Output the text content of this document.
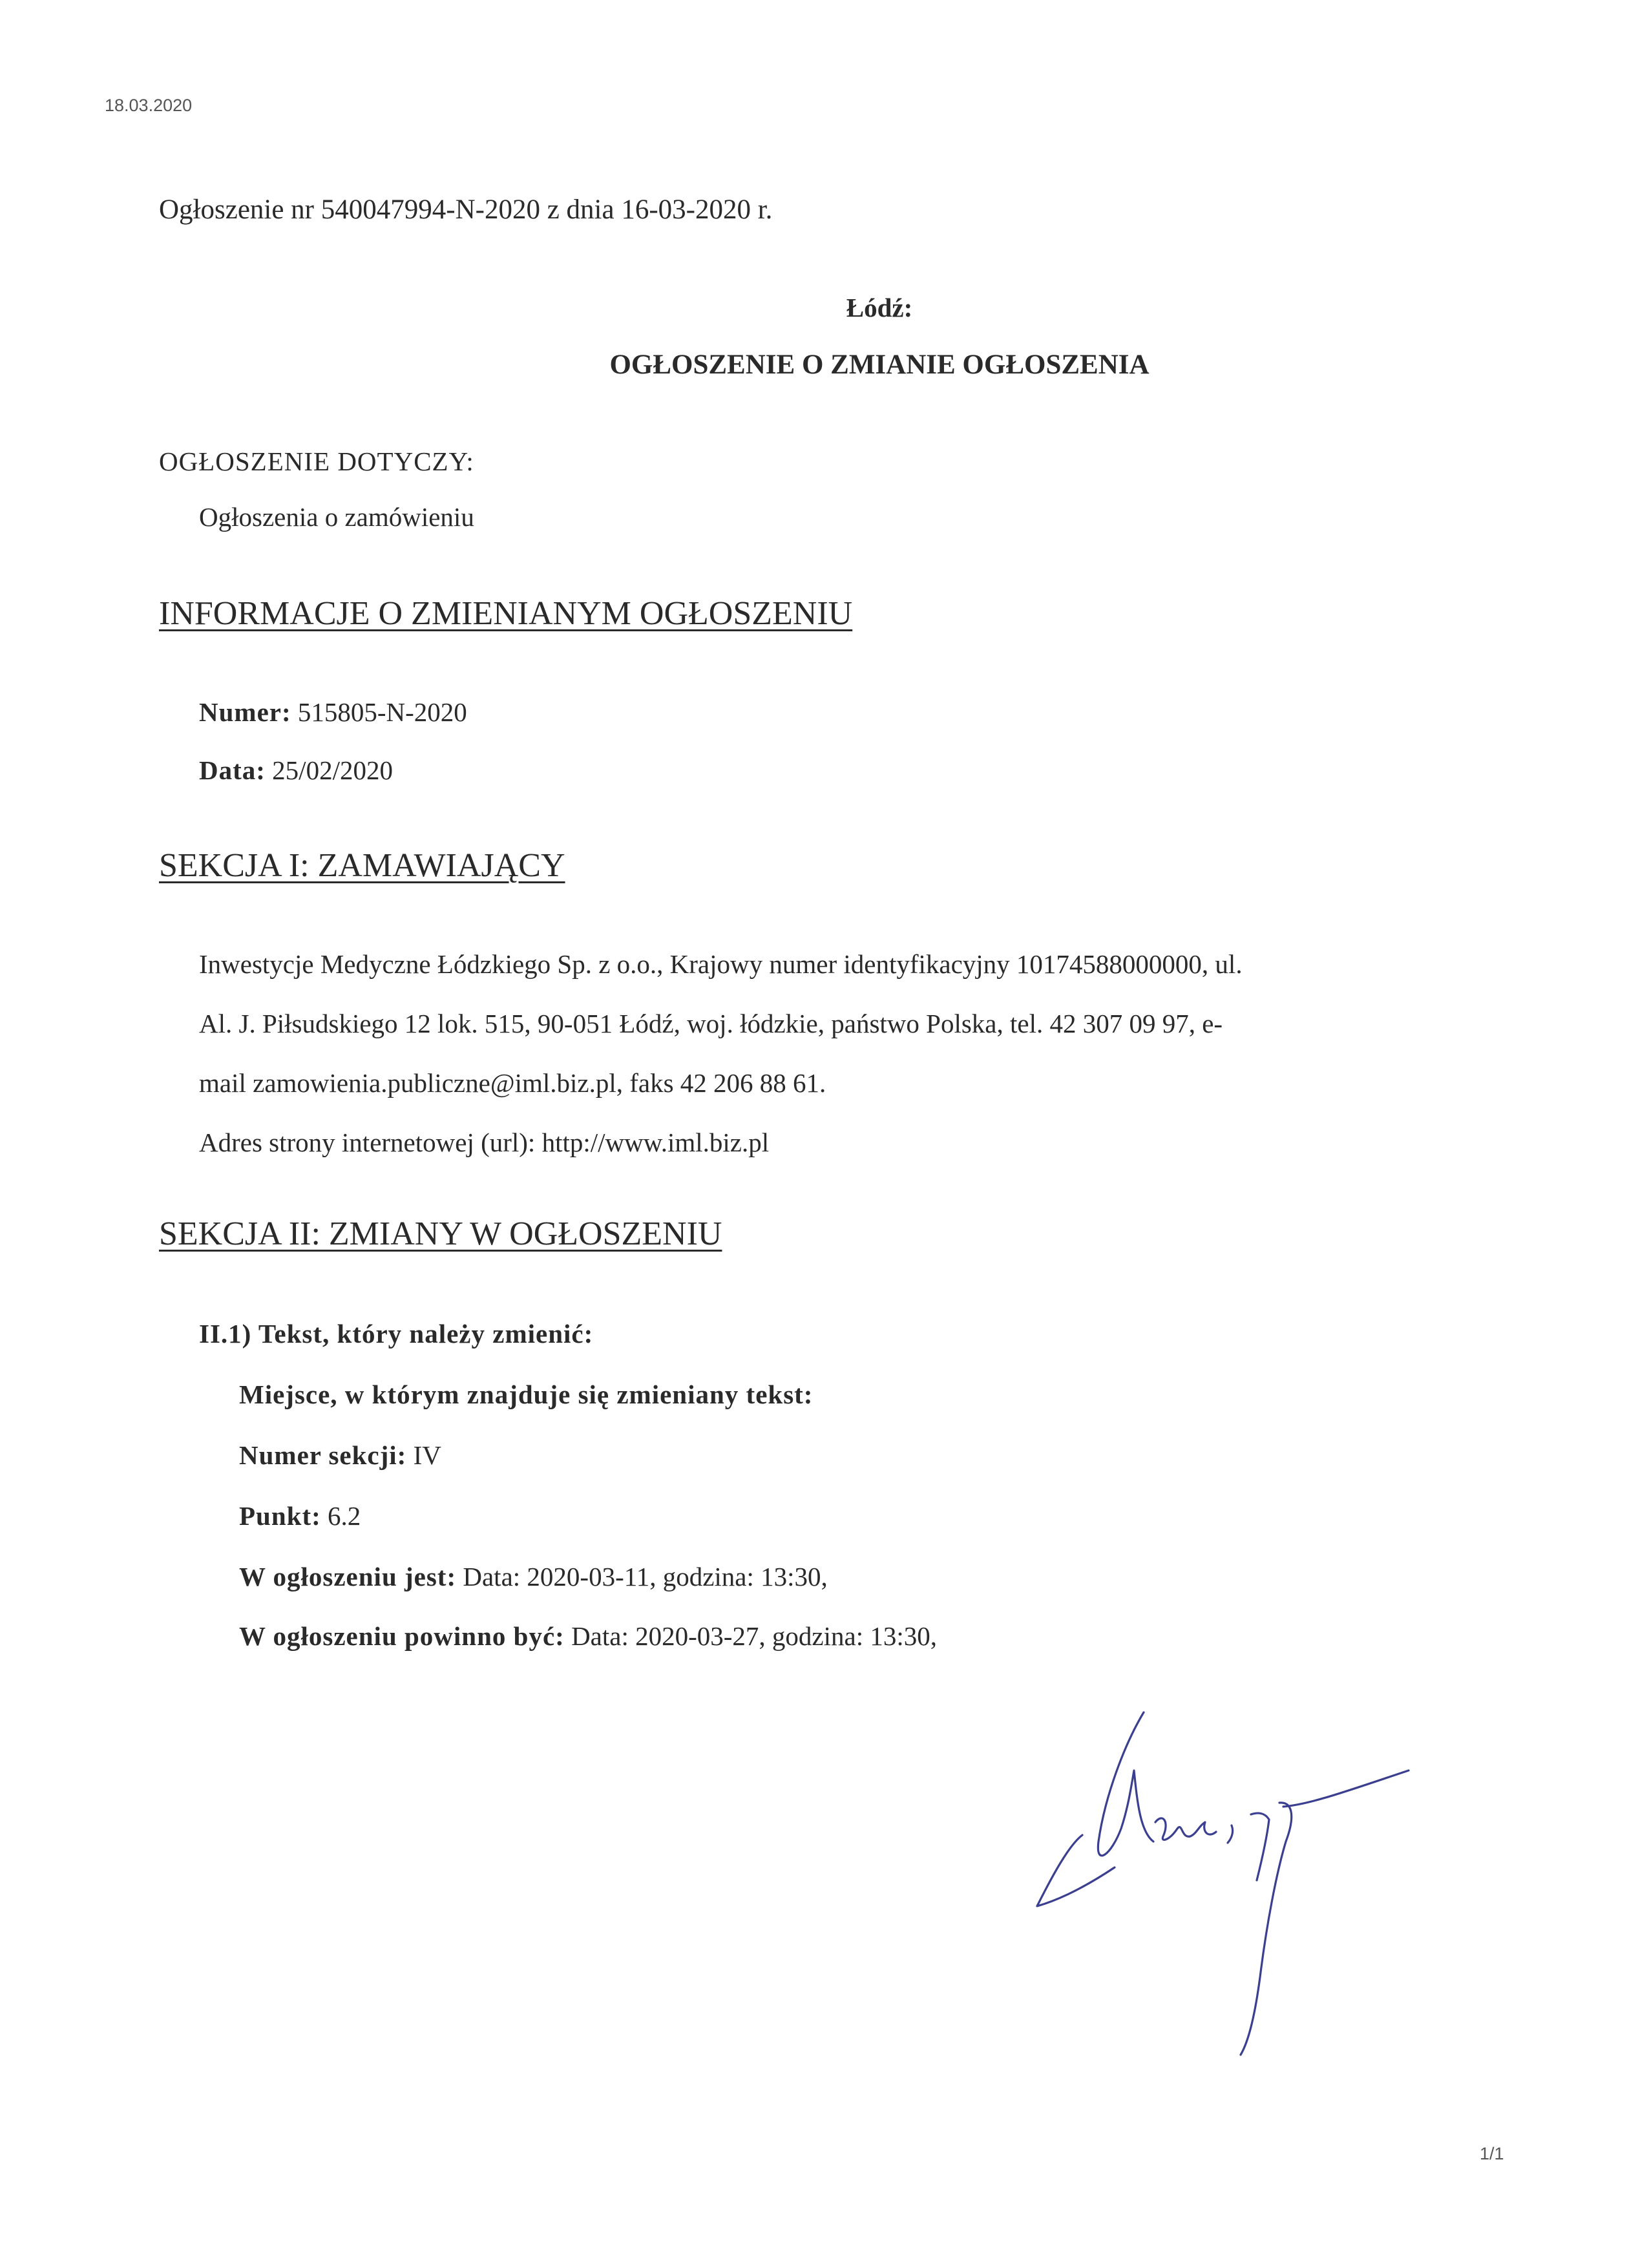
18.03.2020
Ogłoszenie nr 540047994-N-2020 z dnia 16-03-2020 r.
Łódź:
OGŁOSZENIE O ZMIANIE OGŁOSZENIA
OGŁOSZENIE DOTYCZY:
Ogłoszenia o zamówieniu
INFORMACJE O ZMIENIANYM OGŁOSZENIU
Numer: 515805-N-2020
Data: 25/02/2020
SEKCJA I: ZAMAWIAJĄCY
Inwestycje Medyczne Łódzkiego Sp. z o.o., Krajowy numer identyfikacyjny 10174588000000, ul.
Al. J. Piłsudskiego 12 lok. 515, 90-051 Łódź, woj. łódzkie, państwo Polska, tel. 42 307 09 97, e-
mail zamowienia.publiczne@iml.biz.pl, faks 42 206 88 61.
Adres strony internetowej (url): http://www.iml.biz.pl
SEKCJA II: ZMIANY W OGŁOSZENIU
II.1) Tekst, który należy zmienić:
Miejsce, w którym znajduje się zmieniany tekst:
Numer sekcji: IV
Punkt: 6.2
W ogłoszeniu jest: Data: 2020-03-11, godzina: 13:30,
W ogłoszeniu powinno być: Data: 2020-03-27, godzina: 13:30,
1/1
